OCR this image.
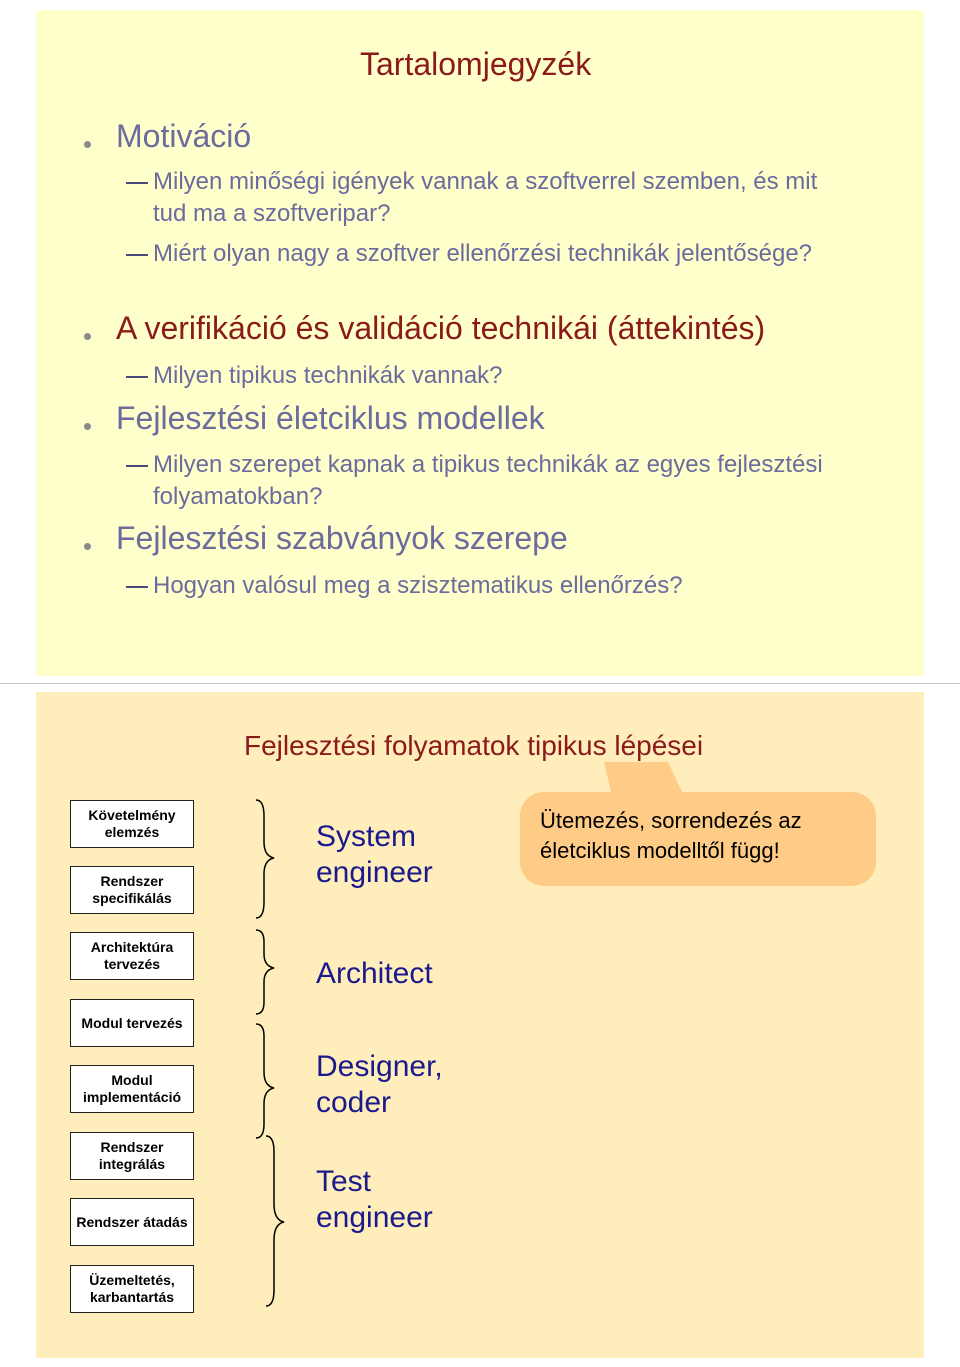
Tartalomjegyzék
Motiváció
Milyen minőségi igények vannak a szoftverrel szemben, és mit tud ma a szoftveripar?
Miért olyan nagy a szoftver ellenőrzési technikák jelentősége?
A verifikáció és validáció technikái (áttekintés)
Milyen tipikus technikák vannak?
Fejlesztési életciklus modellek
Milyen szerepet kapnak a tipikus technikák az egyes fejlesztési folyamatokban?
Fejlesztési szabványok szerepe
Hogyan valósul meg a szisztematikus ellenőrzés?
Fejlesztési folyamatok tipikus lépései
Ütemezés, sorrendezés az életciklus modelltől függ!
Követelmény elemzés
Rendszer specifikálás
Architektúra tervezés
Modul tervezés
Modul implementáció
Rendszer integrálás
Rendszer átadás
Üzemeltetés, karbantartás
System engineer
Architect
Designer, coder
Test engineer
